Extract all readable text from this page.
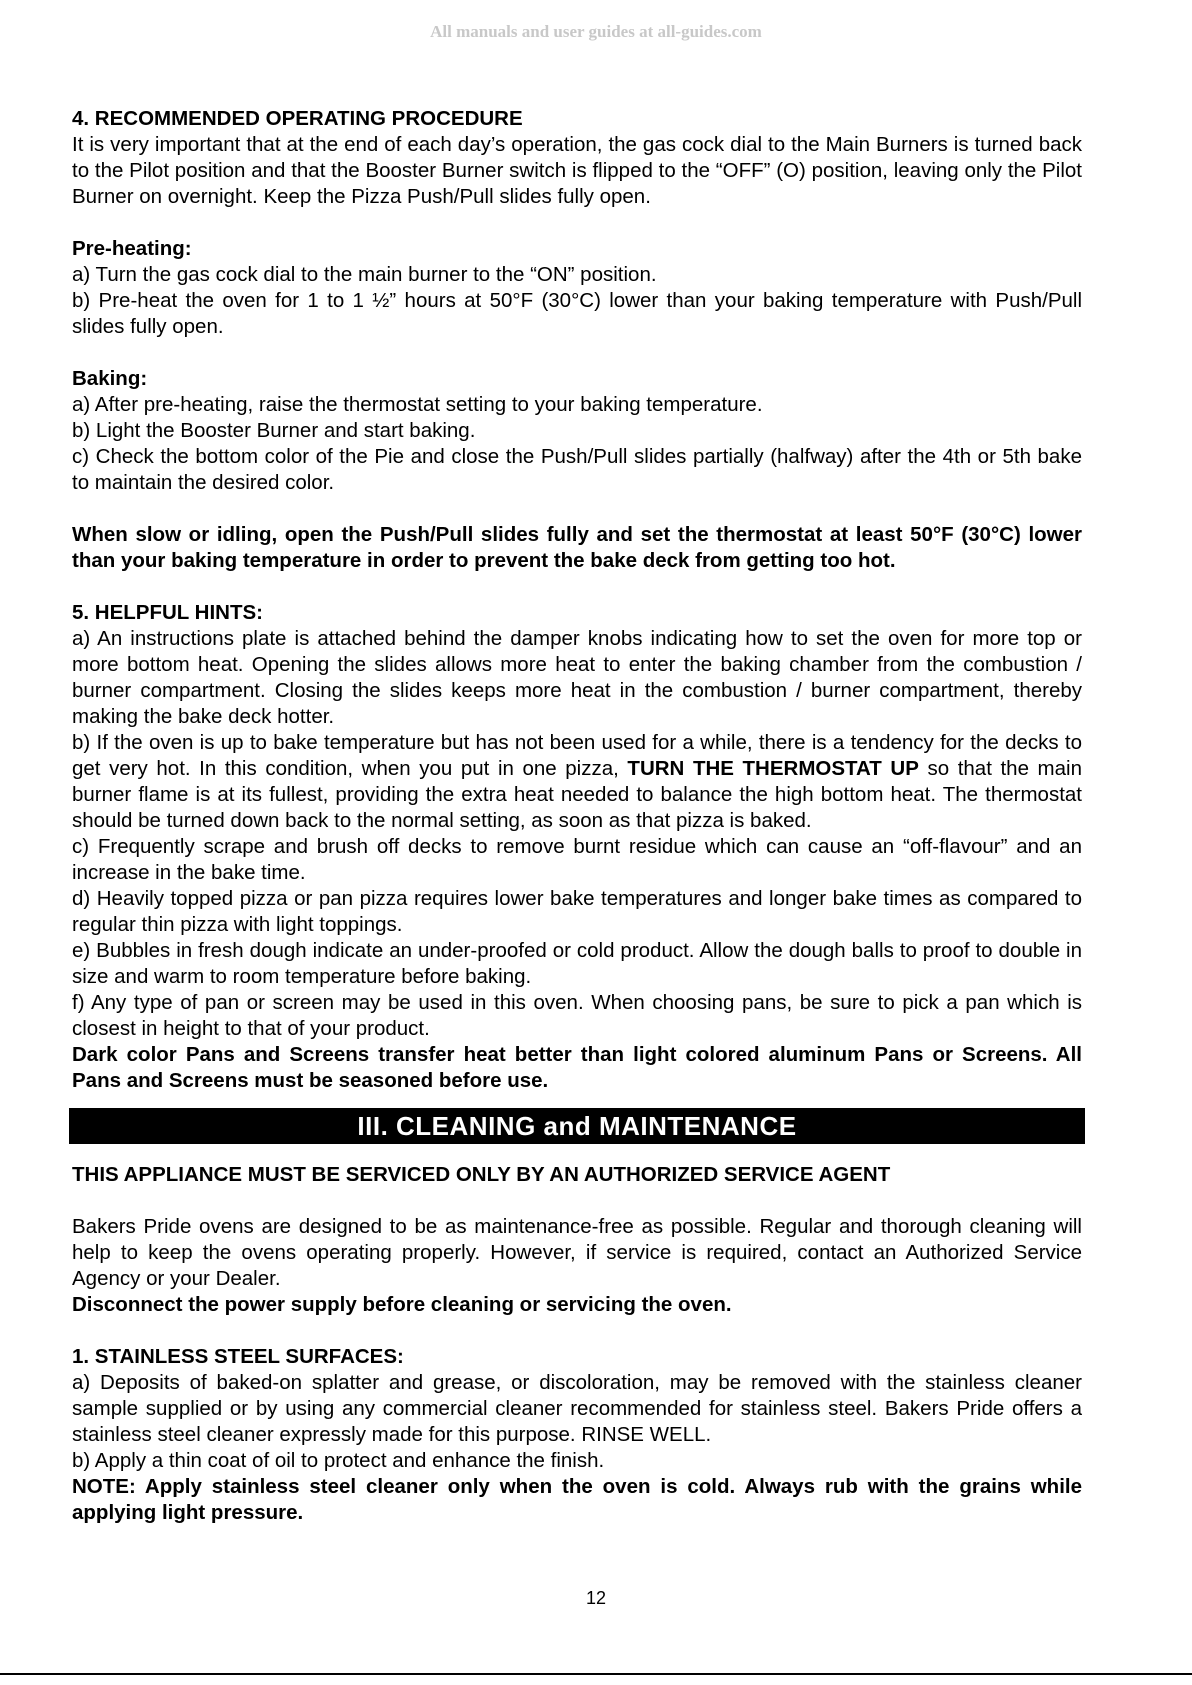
All manuals and user guides at all-guides.com

4. RECOMMENDED OPERATING PROCEDURE

It is very important that at the end of each day’s operation, the gas cock dial to the Main Burners is turned back to the Pilot position and that the Booster Burner switch is flipped to the “OFF” (O) position, leaving only the Pilot Burner on overnight. Keep the Pizza Push/Pull slides fully open.

Pre-heating:

a) Turn the gas cock dial to the main burner to the “ON” position.

b) Pre-heat the oven for 1 to 1 ½” hours at 50°F (30°C) lower than your baking temperature with Push/Pull slides fully open.

Baking:

a) After pre-heating, raise the thermostat setting to your baking temperature.

b) Light the Booster Burner and start baking.

c) Check the bottom color of the Pie and close the Push/Pull slides partially (halfway) after the 4th or 5th bake to maintain the desired color.

When slow or idling, open the Push/Pull slides fully and set the thermostat at least 50°F (30°C) lower than your baking temperature in order to prevent the bake deck from getting too hot.

5. HELPFUL HINTS:

a) An instructions plate is attached behind the damper knobs indicating how to set the oven for more top or more bottom heat. Opening the slides allows more heat to enter the baking chamber from the combustion / burner compartment. Closing the slides keeps more heat in the combustion / burner compartment, thereby making the bake deck hotter.

b) If the oven is up to bake temperature but has not been used for a while, there is a tendency for the decks to get very hot. In this condition, when you put in one pizza, TURN THE THERMOSTAT UP so that the main burner flame is at its fullest, providing the extra heat needed to balance the high bottom heat. The thermostat should be turned down back to the normal setting, as soon as that pizza is baked.

c) Frequently scrape and brush off decks to remove burnt residue which can cause an “off-flavour” and an increase in the bake time.

d) Heavily topped pizza or pan pizza requires lower bake temperatures and longer bake times as compared to regular thin pizza with light toppings.

e) Bubbles in fresh dough indicate an under-proofed or cold product. Allow the dough balls to proof to double in size and warm to room temperature before baking.

f) Any type of pan or screen may be used in this oven. When choosing pans, be sure to pick a pan which is closest in height to that of your product.

Dark color Pans and Screens transfer heat better than light colored aluminum Pans or Screens. All Pans and Screens must be seasoned before use.

III. CLEANING and MAINTENANCE

THIS APPLIANCE MUST BE SERVICED ONLY BY AN AUTHORIZED SERVICE AGENT

Bakers Pride ovens are designed to be as maintenance-free as possible. Regular and thorough cleaning will help to keep the ovens operating properly. However, if service is required, contact an Authorized Service Agency or your Dealer.

Disconnect the power supply before cleaning or servicing the oven.

1. STAINLESS STEEL SURFACES:

a) Deposits of baked-on splatter and grease, or discoloration, may be removed with the stainless cleaner sample supplied or by using any commercial cleaner recommended for stainless steel. Bakers Pride offers a stainless steel cleaner expressly made for this purpose. RINSE WELL.

b) Apply a thin coat of oil to protect and enhance the finish.

NOTE: Apply stainless steel cleaner only when the oven is cold. Always rub with the grains while applying light pressure.

12
